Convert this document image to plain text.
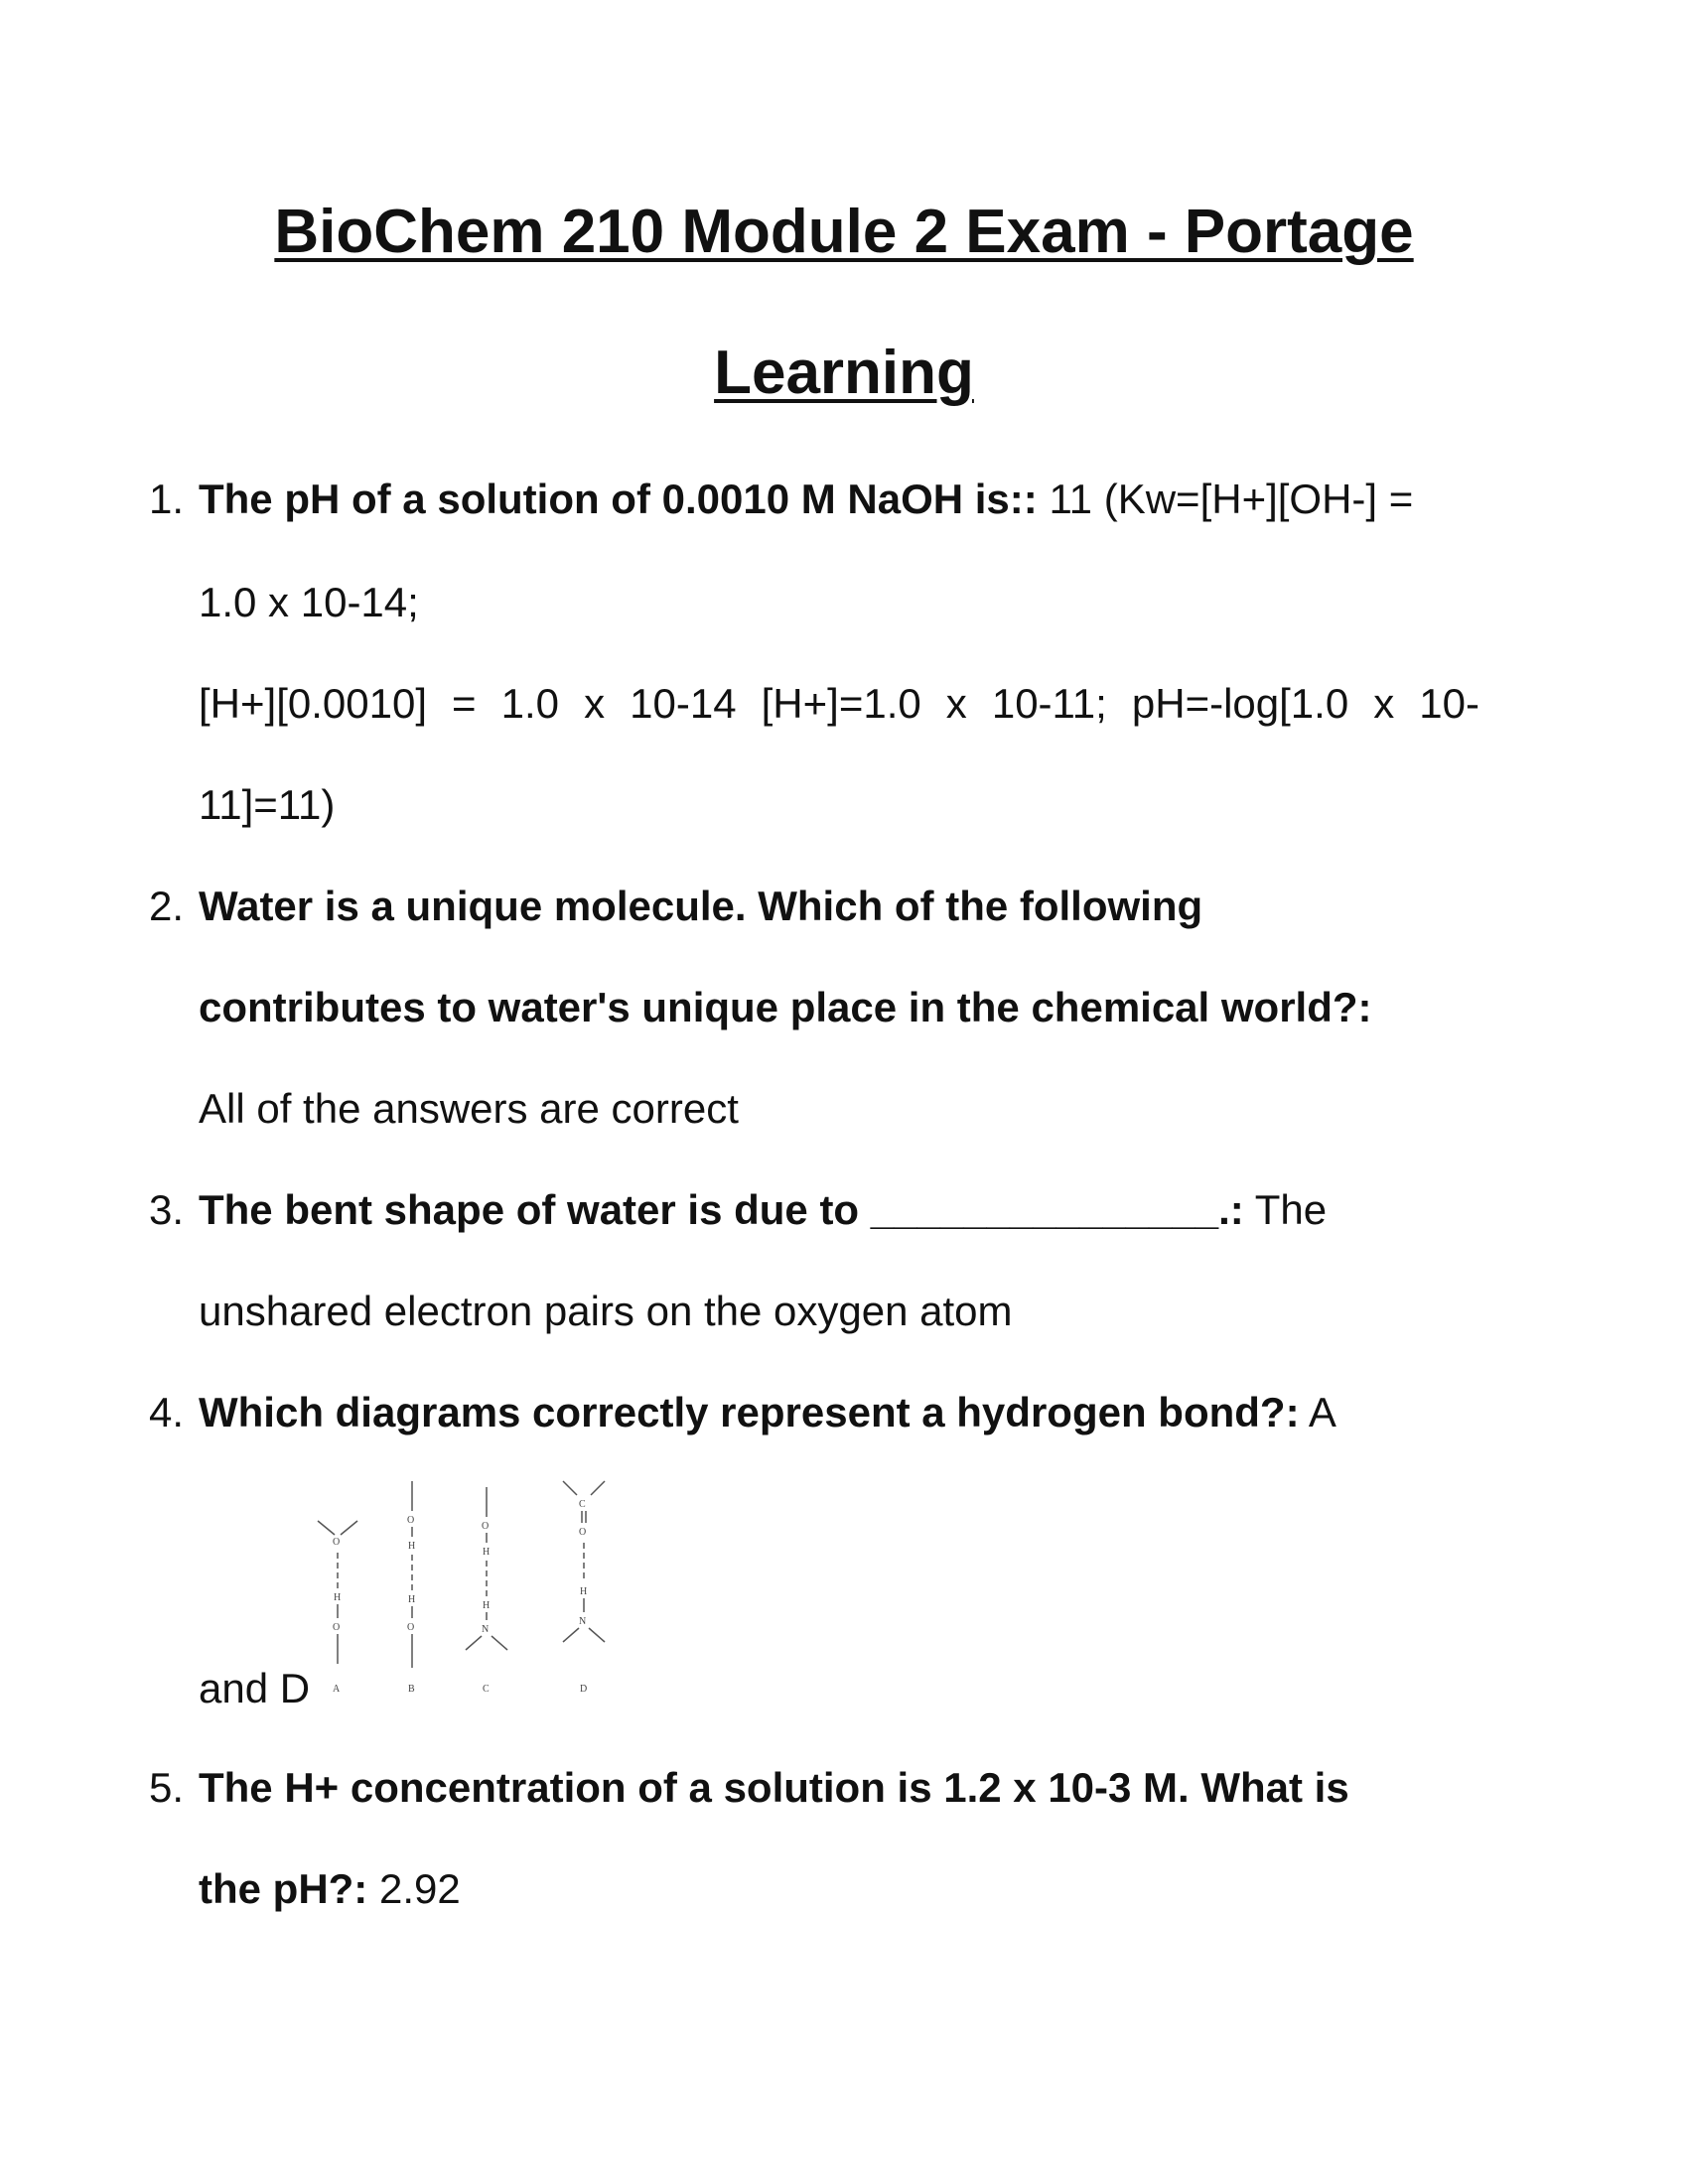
BioChem 210 Module 2 Exam - Portage
Learning
1. The pH of a solution of 0.0010 M NaOH is:: 11 (Kw=[H+][OH-] =
1.0 x 10-14;
[H+][0.0010] = 1.0 x 10-14 [H+]=1.0 x 10-11; pH=-log[1.0 x 10-
11]=11)
2. Water is a unique molecule. Which of the following
contributes to water's unique place in the chemical world?:
All of the answers are correct
3. The bent shape of water is due to _______________.: The
unshared electron pairs on the oxygen atom
4. Which diagrams correctly represent a hydrogen bond?: A
and D
O
H
O
A
O
H
H
O
B
O
H
H
N
C
C
O
H
N
D
5. The H+ concentration of a solution is 1.2 x 10-3 M. What is
the pH?: 2.92
